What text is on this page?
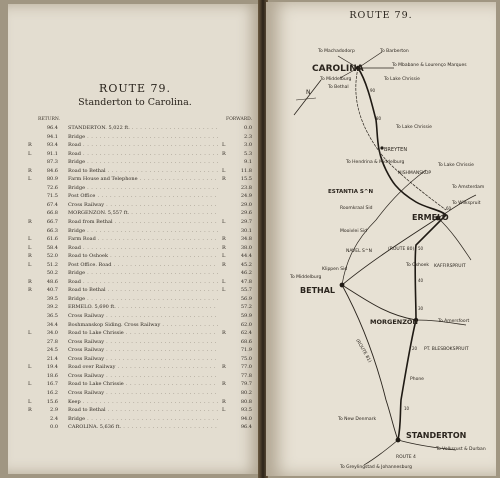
ROUTE 79.
Standerton to Carolina.
RETURN.	FORWARD.
96.4 STANDERTON. 5,022 ft. . . .	0.0
94.1 Bridge . . .	2.3
R	93.4 Road . . .	L	3.0
L	91.1 Road . . .	R	5.3
87.3 Bridge . . .	9.1
R	84.6 Road to Bethal . . .	L	11.8
L	80.9 Farm House and Telephone . . .	R	15.5
72.6 Bridge . . .	23.8
71.5 Post Office . . .	24.9
67.4 Cross Railway . . .	29.0
66.8 MORGENZON. 5,557 ft. . . .	29.6
R	66.7 Road from Bethal . . .	L	29.7
66.3 Bridge . . .	30.1
L	61.6 Farm Road . . .	R	34.8
L	58.4 Road . . .	R	38.0
R	52.0 Road to Oshoek . . .	L	44.4
L	51.2 Post Office. Road . . .	R	45.2
50.2 Bridge . . .	46.2
R	48.6 Road . . .	L	47.8
R	40.7 Road to Bethal . . .	L	55.7
39.5 Bridge . . .	56.9
39.2 ERMELO. 5,690 ft. . . .	57.2
36.5 Cross Railway . . .	59.9
34.4 Boshmanskop Siding. Cross Railway . . .	62.0
L	34.0 Road to Lake Chrissie . . .	R	62.4
27.8 Cross Railway . . .	68.6
24.5 Cross Railway . . .	71.9
21.4 Cross Railway . . .	75.0
L	19.4 Road over Railway . . .	R	77.0
18.6 Cross Railway . . .	77.8
L	16.7 Road to Lake Chrissie . . .	R	79.7
16.2 Cross Railway . . .	80.2
L	15.6 Keep . . .	R	80.8
R	2.9 Road to Bethal . . .	L	93.5
2.4 Bridge . . .	94.0
0.0 CAROLINA. 5,636 ft. . . .	96.4
ROUTE 79.
N
CAROLINA
ERMELO
BETHAL
MORGENZON
STANDERTON
BREYTEN
ESTANTIA S^N
To Machadodorp	To Barberton
To Mbabane & Lourenço Marques
To Middelburg	To Lake Chrissie
To Bethal
To Lake Chrissie
To Hendrina & Middelburg
NISHMANSKOP
To Lake Chrissie
To Amsterdam
To Wilkspruit
Roomkraal Sid
Mooivlei Sid
NAVEL S^N
To Oshoek KAFFIRSPRUIT
To Middelburg
Klippen Sid
(ROUTE 80)
(ROUTE 81)
To Amersfoort
PT. BLESBOKSPRUIT
Phone
To New Denmark
To Volksrust & Durban
To Greylingstad & Johannesburg
ROUTE 4
90
80
60
50
40
30
20
10
